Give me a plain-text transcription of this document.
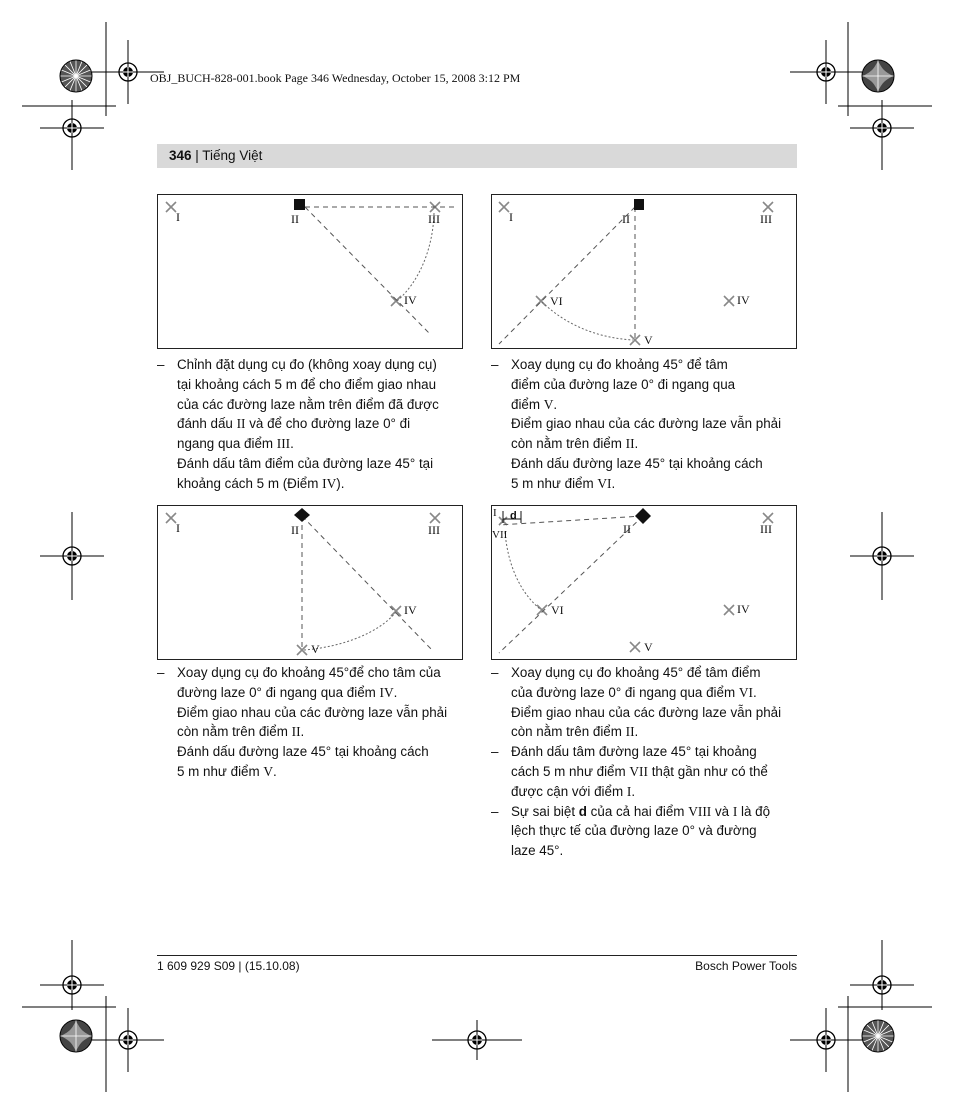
OBJ_BUCH-828-001.book Page 346 Wednesday, October 15, 2008 3:12 PM
346 | Tiếng Việt
I	II	III
IV
I	II	III
IV
VI
V
I	II	III
IV
V
I d
VII	II	III
IV
VI
V
– Chỉnh đặt dụng cụ đo (không xoay dụng cụ)
tại khoảng cách 5 m để cho điểm giao nhau
của các đường laze nằm trên điểm đã được
đánh dấu II và để cho đường laze 0° đi
ngang qua điểm III.
Đánh dấu tâm điểm của đường laze 45° tại
khoảng cách 5 m (Điểm IV).
– Xoay dụng cụ đo khoảng 45° để tâm
điểm của đường laze 0° đi ngang qua
điểm V.
Điểm giao nhau của các đường laze vẫn phải
còn nằm trên điểm II.
Đánh dấu đường laze 45° tại khoảng cách
5 m như điểm VI.
– Xoay dụng cụ đo khoảng 45°để cho tâm của
đường laze 0° đi ngang qua điểm IV.
Điểm giao nhau của các đường laze vẫn phải
còn nằm trên điểm II.
Đánh dấu đường laze 45° tại khoảng cách
5 m như điểm V.
– Xoay dụng cụ đo khoảng 45° để tâm điểm
của đường laze 0° đi ngang qua điểm VI.
Điểm giao nhau của các đường laze vẫn phải
còn nằm trên điểm II.
– Đánh dấu tâm đường laze 45° tại khoảng
cách 5 m như điểm VII thật gần như có thể
được cận với điểm I.
– Sự sai biệt d của cả hai điểm VIII và I là độ
lệch thực tế của đường laze 0° và đường
laze 45°.
1 609 929 S09 | (15.10.08)	Bosch Power Tools
